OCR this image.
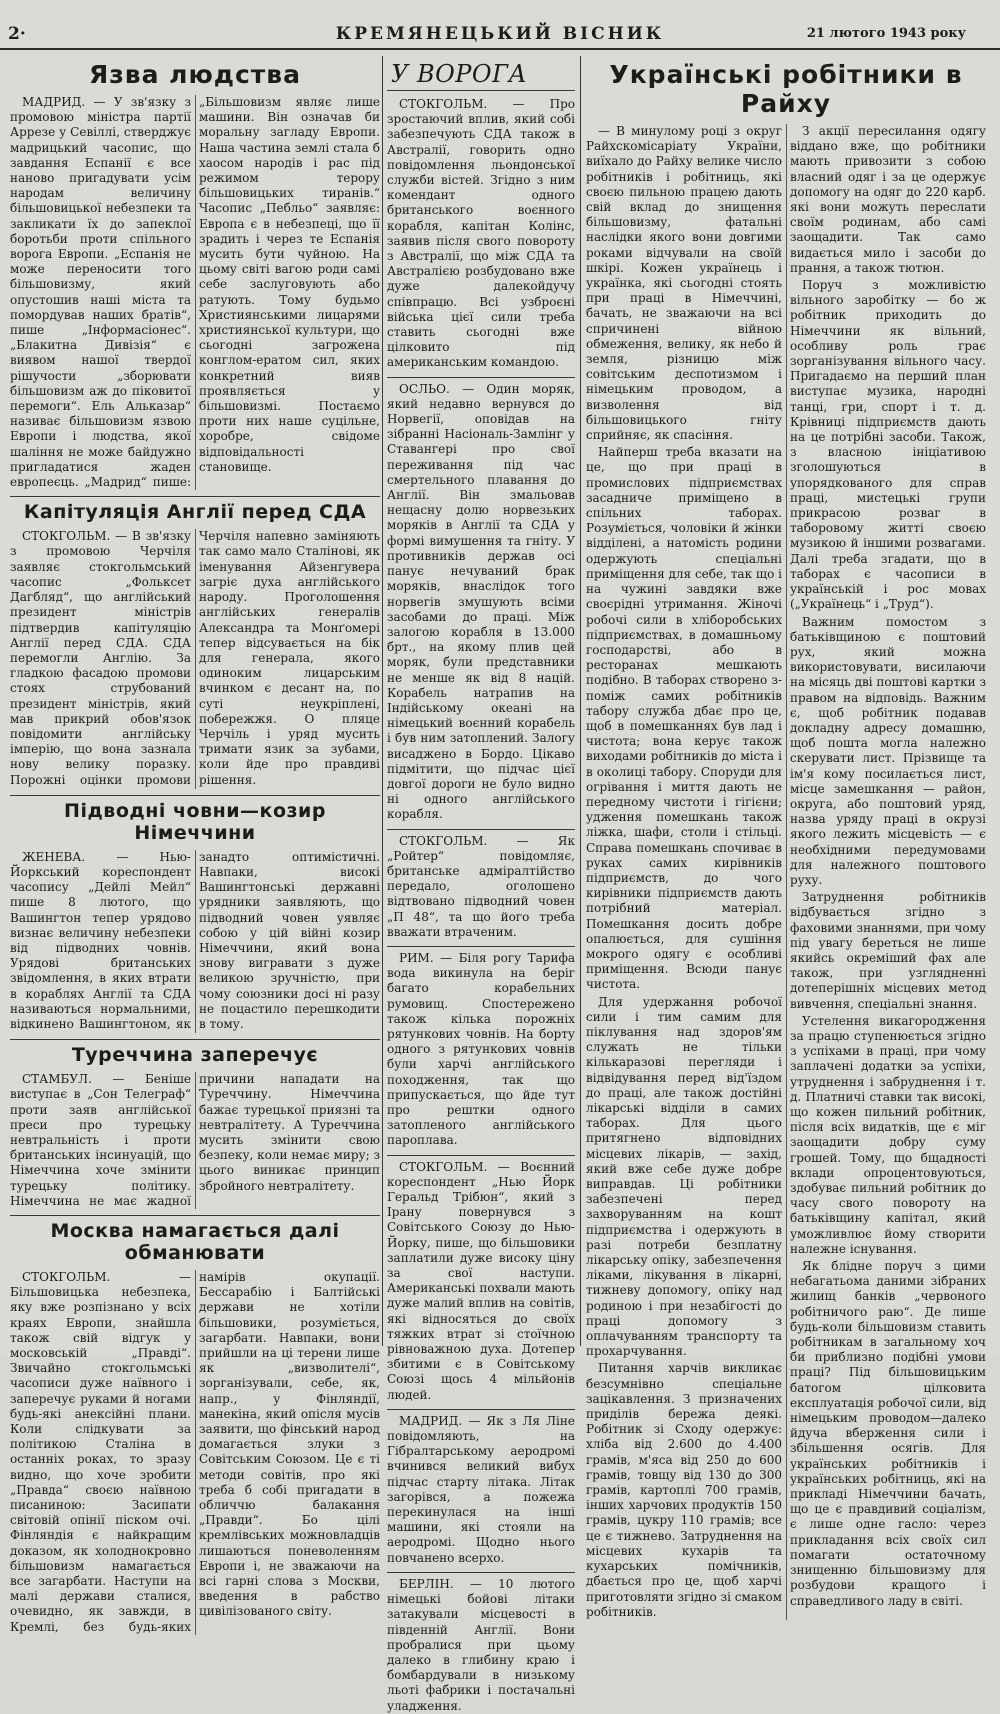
2·	КРЕМЯНЕЦЬКИЙ ВІСНИК	21 лютого 1943 року
Язва людства

МАДРИД. — У зв'язку з промовою міністра партії Аррезе у Севіллі, стверджує мадрицький часопис, що завдання Еспанії є все наново пригадувати усім народам величину більшовицької небезпеки та закликати їх до запеклої боротьби проти спільного ворога Европи. „Еспанія не може переносити того більшовизму, який опустошив наші міста та помордував наших братів“, пише „Інформасіонес“. „Блакитна Дивізія“ є виявом нашої твердої рішучости „зборювати більшовизм аж до піковитої перемоги“. Ель Альказар“ називає більшовизм язвою Европи і людства, якої шаління не може байдужно пригладатися жаден европеєць. „Мадрид“ пише: „Більшовизм являє лише машини. Він означав би моральну загладу Европи. Наша частина землі стала б хаосом народів і рас під режимом терору більшовицьких тиранів.“ Часопис „Пебльо“ заявляє: Европа є в небезпеці, що її зрадить і через те Еспанія мусить бути чуйною. На цьому світі вагою роди самі себе заслуговують або ратують. Тому будьмо Християнськими лицарями християнської культури, що сьогодні загрожена конглом-ератом сил, яких конкретний вияв проявляється у більшовизмі. Постаємо проти них наше суцільне, хоробре, свідоме відповідальності становище.

Капітуляція Англії перед СДА

СТОКГОЛЬМ. — В зв'язку з промовою Черчіля заявляє стокгольмський часопис „Фольксет Дагбляд“, що англійський президент міністрів підтвердив капітуляцію Англії перед СДА. СДА перемогли Англію. За гладкою фасадою промови стоях струбований президент міністрів, який мав прикрий обов'язок повідомити англійську імперію, що вона зазнала нову велику поразку. Порожні оцінки промови Черчіля напевно заміняють так само мало Сталінові, як іменування Айзенгувера загріє духа англійського народу. Проголошення англійських генералів Александра та Монґомері тепер відсувається на бік для генерала, якого одиноким лицарським вчинком є десант на, по суті неукріплені, побережжя. О пляце Черчіль і уряд мусить тримати язик за зубами, коли йде про правдиві рішення.

Підводні човни—козир Німеччини

ЖЕНЕВА. — Нью-Йоркський кореспондент часопису „Дейлі Мейл“ пише 8 лютого, що Вашингтон тепер урядово визнає величину небезпеки від підводних човнів. Урядові британських звідомлення, в яких втрати в кораблях Англії та СДА називаються нормальними, відкинено Вашингтоном, як занадто оптимістичні. Навпаки, високі Вашингтонські державні урядники заявляють, що підводний човен уявляє собою у цій війні козир Німеччини, який вона знову вигравати з дуже великою зручністю, при чому союзники досі ні разу не поцастило перешкодити в тому.

Туреччина заперечує

СТАМБУЛ. — Беніше виступає в „Сон Телеграф“ проти заяв англійської преси про турецьку невтральність і проти британських інсинуацій, що Німеччина хоче змінити турецьку політику. Німеччина не має жадної причини нападати на Туреччину. Німеччина бажає турецької приязні та невтралітету. А Туреччина мусить змінити свою безпеку, коли немає миру; з цього виникає принцип збройного невтралітету.

Москва намагається далі обманювати

СТОКГОЛЬМ. — Більшовицька небезпека, яку вже розпізнано у всіх краях Европи, знайшла також свій відгук у московській „Правді“. Звичайно стокгольмські часописи дуже наївного і заперечує руками й ногами будь-які анексійні плани. Коли слідкувати за політикою Сталіна в останніх роках, то зразу видно, що хоче зробити „Правда“ своєю наївною писаниною: Засипати світовій опінії піском очі. Фінляндія є найкращим доказом, як холоднокровно більшовизм намагається все загарбати. Наступи на малі держави сталися, очевидно, як завжди, в Кремлі, без будь-яких намірів окупації. Бессарабію і Балтійські держави не хотіли більшовики, розуміється, загарбати. Навпаки, вони прийшли на ці терени лише як „визволителі“, зорганізували, себе, як, напр., у Фінляндії, манекіна, який опісля мусів заявити, що фінський народ домагається злуки з Совітським Союзом. Це є ті методи совітів, про які треба б собі пригадати в обличчю балакання „Правди“. Бо цілі кремлівських можновладців лишаються поневоленням Европи і, не зважаючи на всі гарні слова з Москви, введення в рабство цивілізованого світу.

У ВОРОГА

СТОКГОЛЬМ. — Про зростаючий вплив, який собі забезпечують СДА також в Австралії, говорить одно повідомлення льондонської служби вістей. Згідно з ним комендант одного британського воєнного корабля, капітан Колінс, заявив після свого повороту з Австралії, що між СДА та Австралією розбудовано вже дуже далекойдучу співпрацю. Всі узброєні війська цієї сили треба ставить сьогодні вже цілковито під американським командою.

ОСЛЬО. — Один моряк, який недавно вернувся до Норвегії, оповідав на зібранні Насіональ-Замлінг у Ставангері про свої переживання під час смертельного плавання до Англії. Він змальовав нещасну долю норвезьких моряків в Англії та СДА у формі вимушення та гніту. У противників держав осі панує нечуваний брак моряків, внаслідок того норвегів змушують всіми засобами до праці. Між залогою корабля в 13.000 брт., на якому плив цей моряк, були представники не менше як від 8 націй. Корабель натрапив на Індійському океані на німецький воєнний корабель і був ним затоплений. Залогу висаджено в Бордо. Цікаво підмітити, що підчас цієї довгої дороги не було видно ні одного англійського корабля.

СТОКГОЛЬМ. — Як „Ройтер“ повідомляє, британське адміралтійство передало, оголошено відтвовано підводний човен „П 48“, та що його треба вважати втраченим.

РИМ. — Біля рогу Тарифа вода викинула на беріг багато корабельних румовищ. Спостережено також кілька порожніх рятункових човнів. На борту одного з рятункових човнів були харчі англійського походження, так що припускається, що йде тут про рештки одного затопленого англійського пароплава.

СТОКГОЛЬМ. — Воєнний кореспондент „Нью Йорк Геральд Трібюн“, який з Ірану повернувся з Совітського Союзу до Нью-Йорку, пише, що більшовики заплатили дуже високу ціну за свої наступи. Американські похвали мають дуже малий вплив на совітів, які відносяться до своїх тяжких втрат зі стоїчною рівноважною духа. Дотепер збитими є в Совітському Союзі щось 4 мільйонів людей.

МАДРИД. — Як з Ля Ліне повідомляють, на Гібралтарському аеродромі вчинився великий вибух підчас старту літака. Літак загорівся, а пожежа перекинулася на інші машини, які стояли на аеродромі. Щодно нього повчанено всерхо.

БЕРЛІН. — 10 лютого німецькі бойові літаки затакували місцевості в південній Англії. Вони пробралися при цьому далеко в глибину краю і бомбардували в низькому льоті фабрики і постачальні уладження.

Українські робітники в Райху

— В минулому році з округ Райхскомісаріату України, виїхало до Райху велике число робітників і робітниць, які своєю пильною працею дають свій вклад до знищення більшовизму, фатальні наслідки якого вони довгими роками відчували на своїй шкірі. Кожен українець і українка, які сьогодні стоять при праці в Німеччині, бачать, не зважаючи на всі спричинені війною обмеження, велику, як небо й земля, різницю між совітським деспотизмом і німецьким проводом, а визволення від більшовицького гніту сприйняє, як спасіння.

Найперш треба вказати на це, що при праці в промислових підприємствах засадниче приміщено в спільних таборах. Розуміється, чоловіки й жінки відділені, а натомість родини одержують спеціальні приміщення для себе, так що і на чужині завдяки вже своєрідні утримання. Жіночі робочі сили в хліборобських підприємствах, в домашньому господарстві, або в ресторанах мешкають подібно. В таборах створено з-поміж самих робітників табору служба дбає про це, щоб в помешканнях був лад і чистота; вона керує також виходами робітників до міста і в околиці табору. Споруди для огрівання і миття дають не передному чистоти і гігієни; удження помешкань також ліжка, шафи, столи і стільці. Справа помешкань спочиває в руках самих кирівників підприємств, до чого кирівники підприємств дають потрібний матеріал. Помешкання досить добре опалюється, для сушіння мокрого одягу є особливі приміщення. Всюди панує чистота.

Для удержання робочої сили і тим самим для піклування над здоров'ям служать не тільки кількаразові перегляди і відвідування перед від'їздом до праці, але також достійні лікарські відділи в самих таборах. Для цього притягнено відповідних місцевих лікарів, — захід, який вже себе дуже добре виправдав. Ці робітники забезпечені перед захворуванням на кошт підприємства і одержують в разі потреби безплатну лікарську опіку, забезпечення ліками, лікування в лікарні, тижневу допомогу, опіку над родиною і при незабігості до праці допомогу з оплачуванням транспорту та прохарчування.

Питання харчів викликає безсумнівно спеціальне зацікавлення. З призначених приділів бережа деякі. Робітник зі Сходу одержує: хліба від 2.600 до 4.400 грамів, м'яса від 250 до 600 грамів, товщу від 130 до 300 грамів, картоплі 700 грамів, інших харчових продуктів 150 грамів, цукру 110 грамів; все це є тижнево. Затруднення на місцевих кухарів та кухарських помічників, дбається про це, щоб харчі приготовляти згідно зі смаком робітників.

З акції пересилання одягу віддано вже, що робітники мають привозити з собою власний одяг і за це одержує допомогу на одяг до 220 карб. які вони можуть переслати своїм родинам, або самі заощадити. Так само видається мило і засоби до прання, а також тютюн.

Поруч з можливістю вільного заробітку — бо ж робітник приходить до Німеччини як вільний, особливу роль грає зорганізування вільного часу. Пригадаємо на перший план виступає музика, народні танці, гри, спорт і т. д. Крівниці підприємств дають на це потрібні засоби. Також, з власною ініціативою зголошуються в упорядкованого для справ праці, мистецькі групи прикрасою розваг в таборовому житті своєю музикою й іншими розвагами. Далі треба згадати, що в таборах є часописи в українській і рос мовах („Українець“ і „Труд“).

Важним помостом з батьківщиною є поштовий рух, який можна використовувати, висилаючи на місяць дві поштові картки з правом на відповідь. Важним є, щоб робітник подавав докладну адресу домашню, щоб пошта могла належно скерувати лист. Прізвище та ім'я кому посилається лист, місце замешкання — район, округа, або поштовий уряд, назва уряду праці в окрузі якого лежить місцевість — є необхідними передумовами для належного поштового руху.

Затруднення робітників відбувається згідно з фаховими знаннями, при чому під увагу береться не лише якийсь окреміший фах але також, при узглядненні дотеперішніх місцевих метод вивчення, спеціальні знання.

Устелення викагородження за працю ступенюється згідно з успіхами в праці, при чому заплачені додатки за успіхи, утруднення і забруднення і т. д. Платничі ставки так високі, що кожен пильний робітник, після всіх видатків, ще є міг заощадити добру суму грошей. Тому, що бщадності вклади опроцентовуються, здобуває пильний робітник до часу свого повороту на батьківщину капітал, який уможливлює йому створити належне існування.

Як блідне поруч з цими небагатьома даними зібраних жилищ банків „червоного робітничого раю“. Де лише будь-коли більшовизм ставить робітникам в загальному хоч би приблизно подібні умови праці? Під більшовицьким батогом цілковита експлуатація робочої сили, від німецьким проводом—далеко йдуча вберження сили і збільшення осягів. Для українських робітників і українських робітниць, які на прикладі Німеччини бачать, що це є правдивий соціалізм, є лише одне гасло: через прикладання всіх своїх сил помагати остаточному знищенню більшовизму для розбудови кращого і справедливого ладу в світі.
